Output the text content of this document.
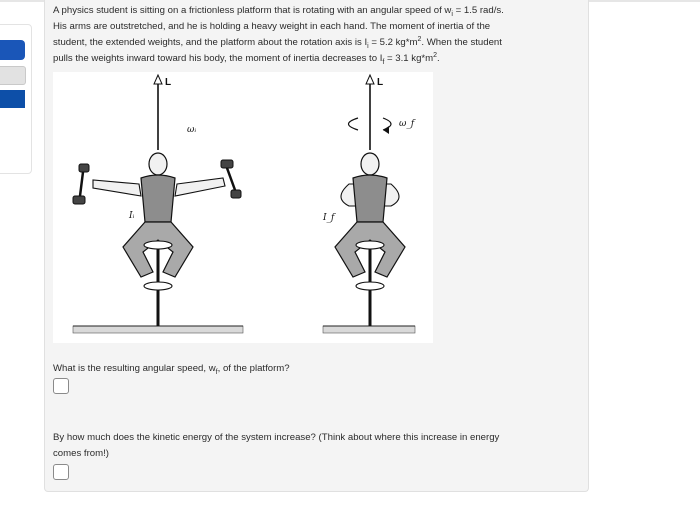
A physics student is sitting on a frictionless platform that is rotating with an angular speed of $w_i = 1.5$ rad/s.
His arms are outstretched, and he is holding a heavy weight in each hand. The moment of inertia of the
student, the extended weights, and the platform about the rotation axis is $I_i = 5.2$ $kg*m^2$. When the student
pulls the weights inward toward his body, the moment of inertia decreases to $I_f = 3.1$ $kg*m^2$.

L
ωᵢ
Iᵢ
L
ω_f
I_f

What is the resulting angular speed, $w_f$, of the platform?

By how much does the kinetic energy of the system increase? (Think about where this increase in energy
comes from!)
